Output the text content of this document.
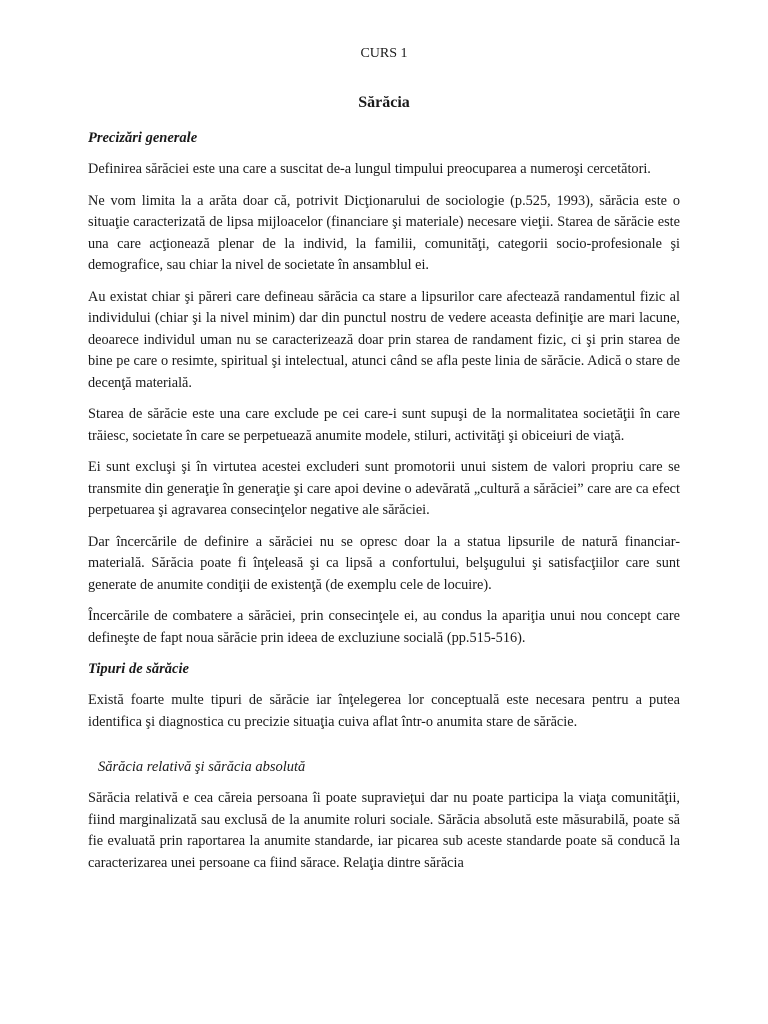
CURS 1
Sărăcia
Precizări generale

Definirea sărăciei este una care a suscitat de-a lungul timpului preocuparea a numeroşi cercetători.

Ne vom limita la a arăta doar că, potrivit Dicţionarului de sociologie (p.525, 1993), sărăcia este o situaţie caracterizată de lipsa mijloacelor (financiare şi materiale) necesare vieţii. Starea de sărăcie este una care acţionează plenar de la individ, la familii, comunităţi, categorii socio-profesionale şi demografice, sau chiar la nivel de societate în ansamblul ei.

Au existat chiar şi păreri care defineau sărăcia ca stare a lipsurilor care afectează randamentul fizic al individului (chiar şi la nivel minim) dar din punctul nostru de vedere aceasta definiţie are mari lacune, deoarece individul uman nu se caracterizează doar prin starea de randament fizic, ci şi prin starea de bine pe care o resimte, spiritual şi intelectual, atunci când se afla peste linia de sărăcie. Adică o stare de decenţă materială.

Starea de sărăcie este una care exclude pe cei care-i sunt supuşi de la normalitatea societăţii în care trăiesc, societate în care se perpetuează anumite modele, stiluri, activităţi şi obiceiuri de viaţă.

Ei sunt excluşi şi în virtutea acestei excluderi sunt promotorii unui sistem de valori propriu care se transmite din generaţie în generaţie şi care apoi devine o adevărată „cultură a sărăciei” care are ca efect perpetuarea şi agravarea consecinţelor negative ale sărăciei.

Dar încercările de definire a sărăciei nu se opresc doar la a statua lipsurile de natură financiar-materială. Sărăcia poate fi înţeleasă şi ca lipsă a confortului, belşugului şi satisfacţiilor care sunt generate de anumite condiţii de existenţă (de exemplu cele de locuire).

Încercările de combatere a sărăciei, prin consecinţele ei, au condus la apariţia unui nou concept care defineşte de fapt noua sărăcie prin ideea de excluziune socială (pp.515-516).

Tipuri de sărăcie

Există foarte multe tipuri de sărăcie iar înţelegerea lor conceptuală este necesara pentru a putea identifica şi diagnostica cu precizie situaţia cuiva aflat într-o anumita stare de sărăcie.

Sărăcia relativă şi sărăcia absolută

Sărăcia relativă e cea căreia persoana îi poate supravieţui dar nu poate participa la viaţa comunităţii, fiind marginalizată sau exclusă de la anumite roluri sociale. Sărăcia absolută este măsurabilă, poate să fie evaluată prin raportarea la anumite standarde, iar picarea sub aceste standarde poate să conducă la caracterizarea unei persoane ca fiind sărace. Relaţia dintre sărăcia
